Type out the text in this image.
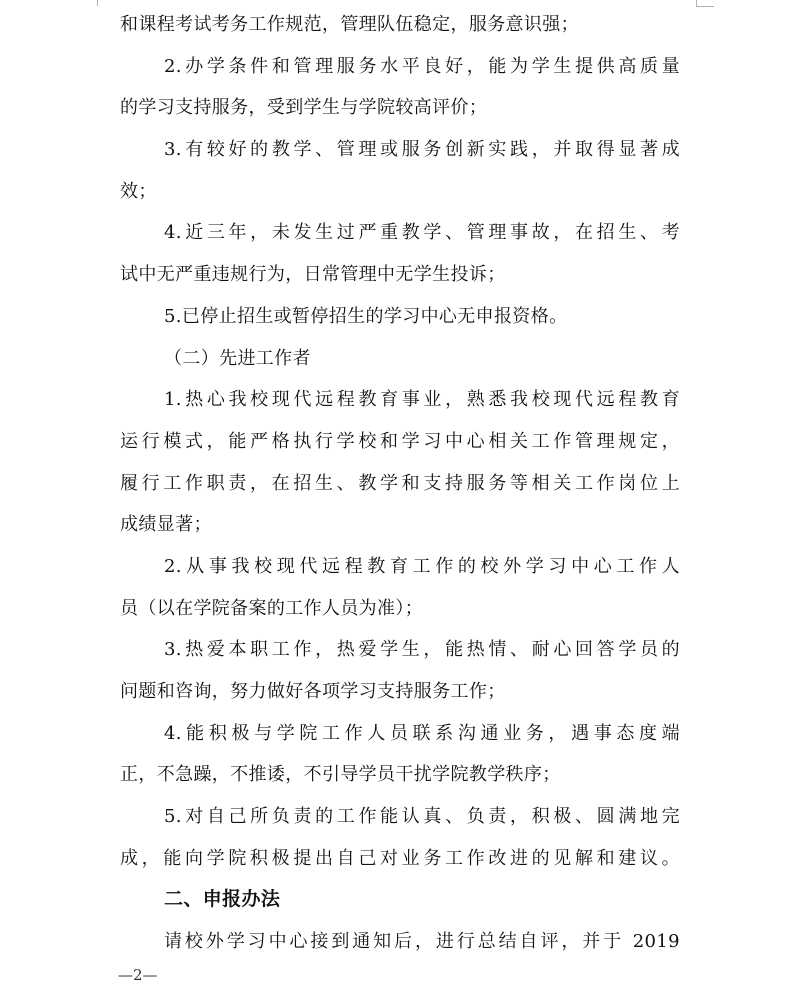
和课程考试考务工作规范，管理队伍稳定，服务意识强；
2.办学条件和管理服务水平良好，能为学生提供高质量
的学习支持服务，受到学生与学院较高评价；
3.有较好的教学、管理或服务创新实践，并取得显著成
效；
4.近三年，未发生过严重教学、管理事故，在招生、考
试中无严重违规行为，日常管理中无学生投诉；
5.已停止招生或暂停招生的学习中心无申报资格。
（二）先进工作者
1.热心我校现代远程教育事业，熟悉我校现代远程教育
运行模式，能严格执行学校和学习中心相关工作管理规定，
履行工作职责，在招生、教学和支持服务等相关工作岗位上
成绩显著；
2.从事我校现代远程教育工作的校外学习中心工作人
员（以在学院备案的工作人员为准）；
3.热爱本职工作，热爱学生，能热情、耐心回答学员的
问题和咨询，努力做好各项学习支持服务工作；
4.能积极与学院工作人员联系沟通业务，遇事态度端
正，不急躁，不推诿，不引导学员干扰学院教学秩序；
5.对自己所负责的工作能认真、负责，积极、圆满地完
成，能向学院积极提出自己对业务工作改进的见解和建议。
二、申报办法
请校外学习中心接到通知后，进行总结自评，并于 2019
—2—
